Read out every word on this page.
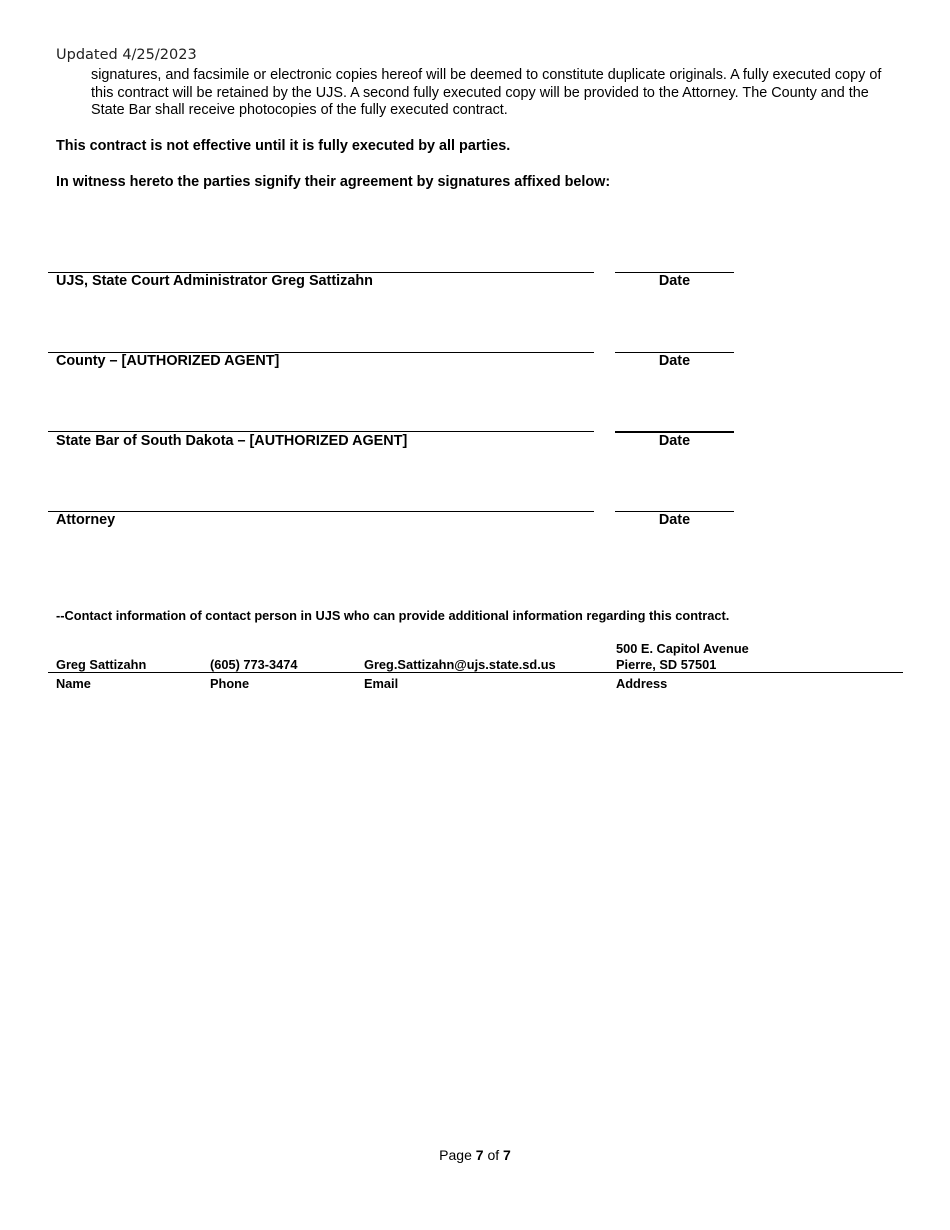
Updated 4/25/2023
signatures, and facsimile or electronic copies hereof will be deemed to constitute duplicate originals. A fully executed copy of this contract will be retained by the UJS. A second fully executed copy will be provided to the Attorney. The County and the State Bar shall receive photocopies of the fully executed contract.
This contract is not effective until it is fully executed by all parties.
In witness hereto the parties signify their agreement by signatures affixed below:
UJS, State Court Administrator Greg Sattizahn	Date
County – [AUTHORIZED AGENT]	Date
State Bar of South Dakota – [AUTHORIZED AGENT]	Date
Attorney	Date
--Contact information of contact person in UJS who can provide additional information regarding this contract.
500 E. Capitol Avenue
Greg Sattizahn	(605) 773-3474	Greg.Sattizahn@ujs.state.sd.us	Pierre, SD 57501
Name	Phone	Email	Address
Page 7 of 7
